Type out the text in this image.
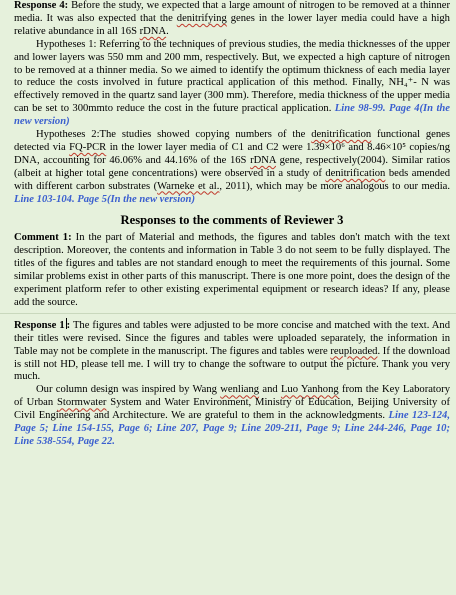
Response 4: Before the study, we expected that a large amount of nitrogen to be removed at a thinner media. It was also expected that the denitrifying genes in the lower layer media could have a high relative abundance in all 16S rDNA.

Hypotheses 1: Referring to the techniques of previous studies, the media thicknesses of the upper and lower layers was 550 mm and 200 mm, respectively. But, we expected a high capture of nitrogen to be removed at a thinner media. So we aimed to identify the optimum thickness of each media layer to reduce the costs involved in future practical application of this method. Finally, NH₄⁺- N was effectively removed in the quartz sand layer (300 mm). Therefore, media thickness of the upper media can be set to 300mmto reduce the cost in the future practical application. Line 98-99. Page 4(In the new version)

Hypotheses 2:The studies showed copying numbers of the denitrification functional genes detected via FQ-PCR in the lower layer media of C1 and C2 were 1.39×10⁶ and 8.46×10⁵ copies/ng DNA, accounting for 46.06% and 44.16% of the 16S rDNA gene, respectively(2004). Similar ratios (albeit at higher total gene concentrations) were observed in a study of denitrification beds amended with different carbon substrates (Warneke et al., 2011), which may be more analogous to our media. Line 103-104. Page 5(In the new version)

Responses to the comments of Reviewer 3

Comment 1: In the part of Material and methods, the figures and tables don't match with the text description. Moreover, the contents and information in Table 3 do not seem to be fully displayed. The titles of the figures and tables are not standard enough to meet the requirements of this journal. Some similar problems exist in other parts of this manuscript. There is one more point, does the design of the experiment platform refer to other existing experimental equipment or research ideas? If any, please add the source.

Response 1 : The figures and tables were adjusted to be more concise and matched with the text. And their titles were revised. Since the figures and tables were uploaded separately, the information in Table may not be complete in the manuscript. The figures and tables were reuploaded. If the download is still not HD, please tell me. I will try to change the software to output the picture. Thank you very much.

Our column design was inspired by Wang wenliang and Luo Yanhong from the Key Laboratory of Urban Stormwater System and Water Environment, Ministry of Education, Beijing University of Civil Engineering and Architecture. We are grateful to them in the acknowledgments. Line 123-124, Page 5; Line 154-155, Page 6; Line 207, Page 9; Line 209-211, Page 9; Line 244-246, Page 10; Line 538-554, Page 22.
